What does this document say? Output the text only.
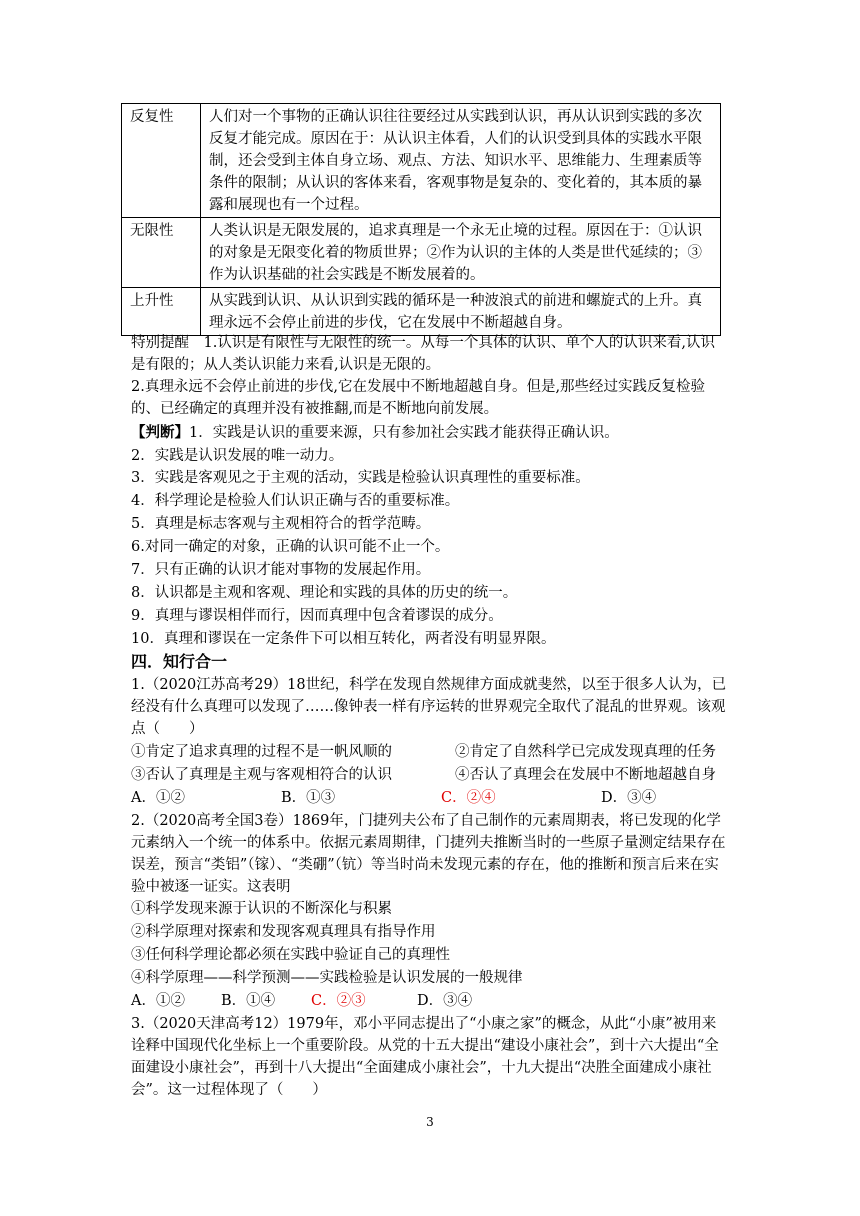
反复性	人们对一个事物的正确认识往往要经过从实践到认识，再从认识到实践的多次反复才能完成。原因在于：从认识主体看，人们的认识受到具体的实践水平限制，还会受到主体自身立场、观点、方法、知识水平、思维能力、生理素质等条件的限制；从认识的客体来看，客观事物是复杂的、变化着的，其本质的暴露和展现也有一个过程。
无限性	人类认识是无限发展的，追求真理是一个永无止境的过程。原因在于：①认识的对象是无限变化着的物质世界；②作为认识的主体的人类是世代延续的；③作为认识基础的社会实践是不断发展着的。
上升性	从实践到认识、从认识到实践的循环是一种波浪式的前进和螺旋式的上升。真理永远不会停止前进的步伐，它在发展中不断超越自身。
特别提醒　1.认识是有限性与无限性的统一。从每一个具体的认识、单个人的认识来看,认识是有限的；从人类认识能力来看,认识是无限的。
2.真理永远不会停止前进的步伐,它在发展中不断地超越自身。但是,那些经过实践反复检验的、已经确定的真理并没有被推翻,而是不断地向前发展。
【判断】1．实践是认识的重要来源，只有参加社会实践才能获得正确认识。
2．实践是认识发展的唯一动力。
3．实践是客观见之于主观的活动，实践是检验认识真理性的重要标准。
4．科学理论是检验人们认识正确与否的重要标准。
5．真理是标志客观与主观相符合的哲学范畴。
6.对同一确定的对象，正确的认识可能不止一个。
7．只有正确的认识才能对事物的发展起作用。
8．认识都是主观和客观、理论和实践的具体的历史的统一。
9．真理与谬误相伴而行，因而真理中包含着谬误的成分。
10．真理和谬误在一定条件下可以相互转化，两者没有明显界限。
四．知行合一
1.（2020江苏高考29）18世纪，科学在发现自然规律方面成就斐然，以至于很多人认为，已经没有什么真理可以发现了……像钟表一样有序运转的世界观完全取代了混乱的世界观。该观点（　　）
①肯定了追求真理的过程不是一帆风顺的	②肯定了自然科学已完成发现真理的任务
③否认了真理是主观与客观相符合的认识	④否认了真理会在发展中不断地超越自身
A．①②	B．①③	C．②④	D．③④
2.（2020高考全国3卷）1869年，门捷列夫公布了自己制作的元素周期表，将已发现的化学元素纳入一个统一的体系中。依据元素周期律，门捷列夫推断当时的一些原子量测定结果存在误差，预言“类铝”（镓）、“类硼”（钪）等当时尚未发现元素的存在，他的推断和预言后来在实验中被逐一证实。这表明
①科学发现来源于认识的不断深化与积累
②科学原理对探索和发现客观真理具有指导作用
③任何科学理论都必须在实践中验证自己的真理性
④科学原理——科学预测——实践检验是认识发展的一般规律
A．①② B．①④ C．②③	D．③④
3.（2020天津高考12）1979年，邓小平同志提出了“小康之家”的概念，从此“小康”被用来诠释中国现代化坐标上一个重要阶段。从党的十五大提出“建设小康社会”，到十六大提出“全面建设小康社会”，再到十八大提出“全面建成小康社会”，十九大提出“决胜全面建成小康社会”。这一过程体现了（　　）
3
